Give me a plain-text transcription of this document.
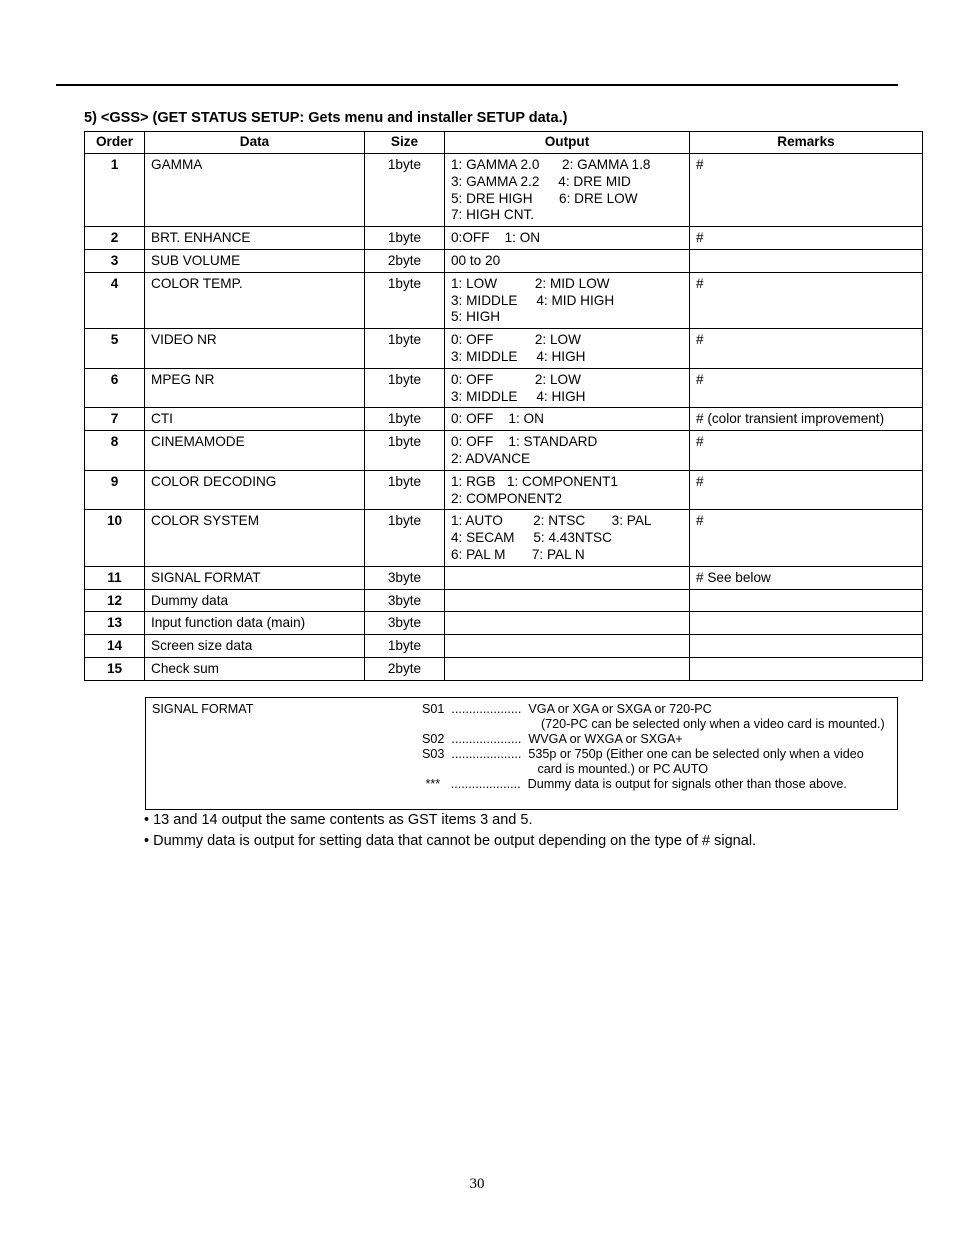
5) <GSS> (GET STATUS SETUP: Gets menu and installer SETUP data.)
Order	Data	Size	Output	Remarks
1	GAMMA	1byte	1: GAMMA 2.0      2: GAMMA 1.8
3: GAMMA 2.2     4: DRE MID
5: DRE HIGH       6: DRE LOW
7: HIGH CNT.	#
2	BRT. ENHANCE	1byte	0:OFF    1: ON	#
3	SUB VOLUME	2byte	00 to 20	

4	COLOR TEMP.	1byte	1: LOW          2: MID LOW
3: MIDDLE     4: MID HIGH
5: HIGH	#
5	VIDEO NR	1byte	0: OFF           2: LOW
3: MIDDLE     4: HIGH	#
6	MPEG NR	1byte	0: OFF           2: LOW
3: MIDDLE     4: HIGH	#
7	CTI	1byte	0: OFF    1: ON	# (color transient improvement)
8	CINEMAMODE	1byte	0: OFF    1: STANDARD
2: ADVANCE	#
9	COLOR DECODING	1byte	1: RGB   1: COMPONENT1
2: COMPONENT2	#
10	COLOR SYSTEM	1byte	1: AUTO        2: NTSC       3: PAL
4: SECAM     5: 4.43NTSC
6: PAL M       7: PAL N	#
11	SIGNAL FORMAT	3byte		# See below
12	Dummy data	3byte	

13	Input function data (main)	3byte	

14	Screen size data	1byte	

15	Check sum	2byte	

SIGNAL FORMAT	S01  ....................  VGA or XGA or SXGA or 720-PC
(720-PC can be selected only when a video card is mounted.)
S02  ....................  WVGA or WXGA or SXGA+
S03  ....................  535p or 750p (Either one can be selected only when a video
card is mounted.) or PC AUTO
***   ....................  Dummy data is output for signals other than those above.
• 13 and 14 output the same contents as GST items 3 and 5.
• Dummy data is output for setting data that cannot be output depending on the type of # signal.
30
